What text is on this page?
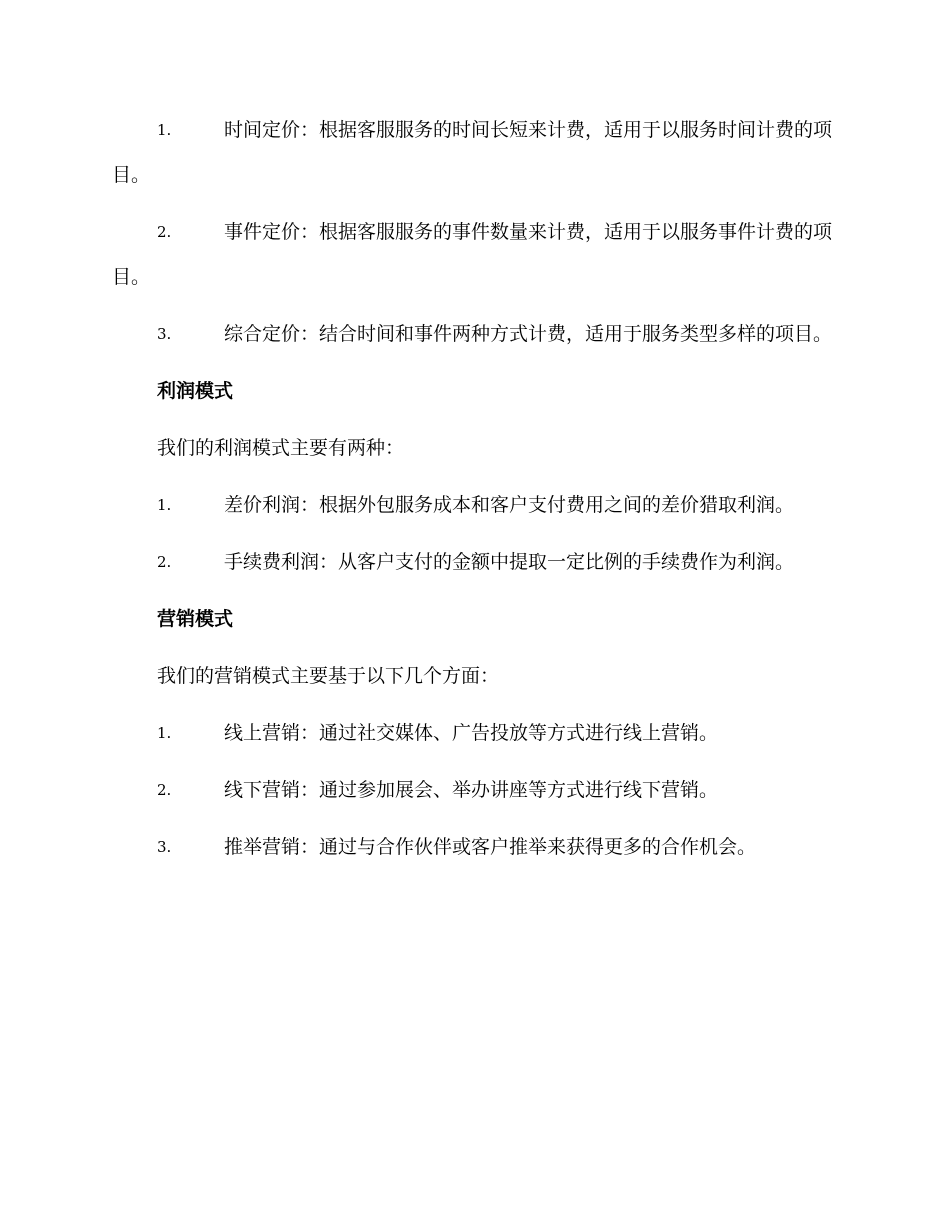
1.	时间定价：根据客服服务的时间长短来计费，适用于以服务时间计费的项目。
2.	事件定价：根据客服服务的事件数量来计费，适用于以服务事件计费的项目。
3.	综合定价：结合时间和事件两种方式计费，适用于服务类型多样的项目。
利润模式
我们的利润模式主要有两种：
1.	差价利润：根据外包服务成本和客户支付费用之间的差价猎取利润。
2.	手续费利润：从客户支付的金额中提取一定比例的手续费作为利润。
营销模式
我们的营销模式主要基于以下几个方面：
1.	线上营销：通过社交媒体、广告投放等方式进行线上营销。
2.	线下营销：通过参加展会、举办讲座等方式进行线下营销。
3.	推举营销：通过与合作伙伴或客户推举来获得更多的合作机会。
